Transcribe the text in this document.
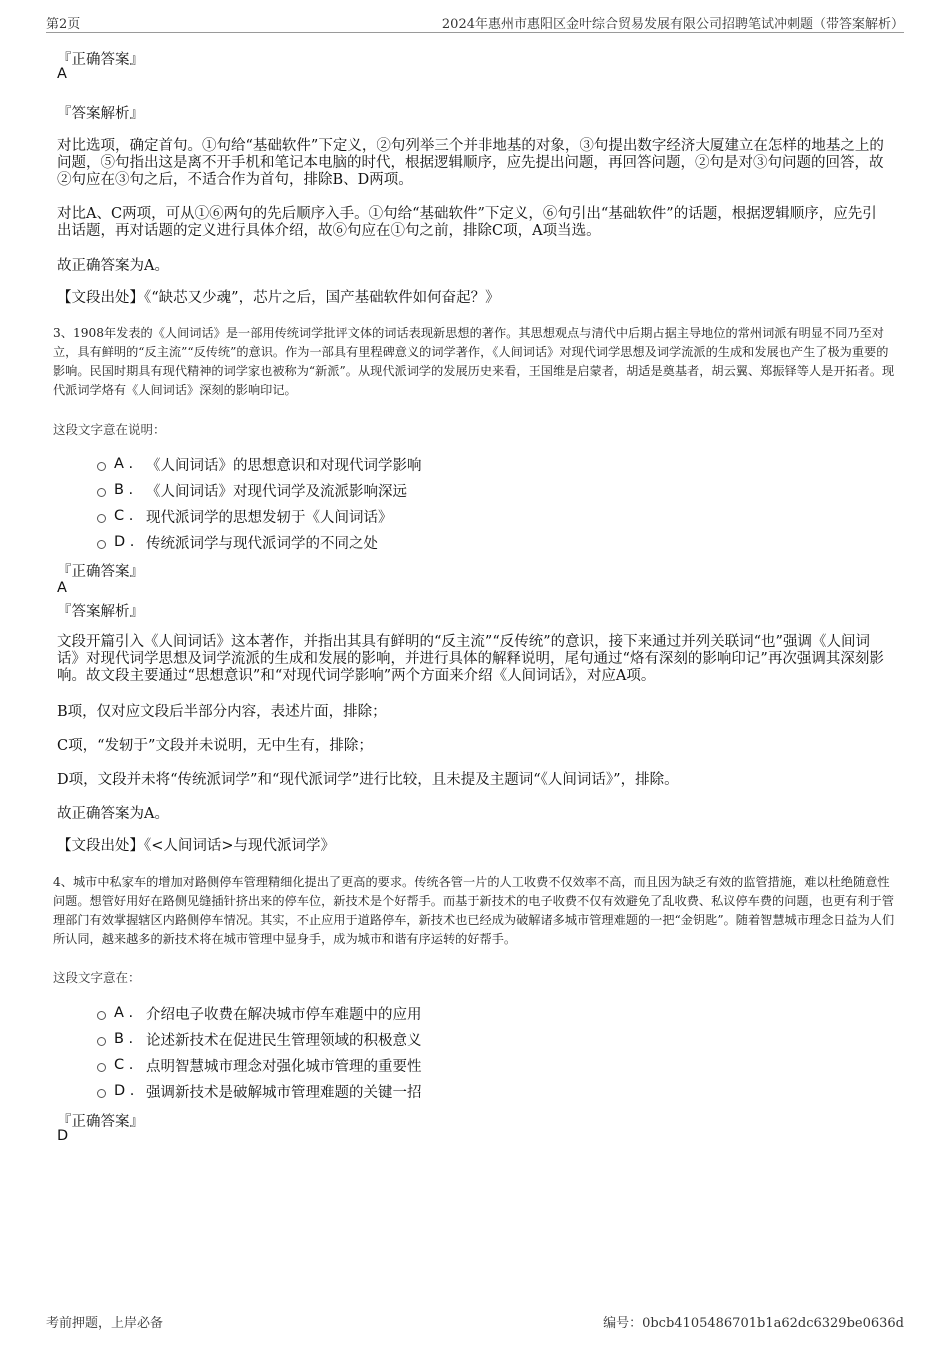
第2页	2024年惠州市惠阳区金叶综合贸易发展有限公司招聘笔试冲刺题（带答案解析）
『正确答案』
A
『答案解析』

对比选项，确定首句。①句给“基础软件”下定义，②句列举三个并非地基的对象，③句提出数字经济大厦建立在怎样的地基之上的问题，⑤句指出这是离不开手机和笔记本电脑的时代，根据逻辑顺序，应先提出问题，再回答问题，②句是对③句问题的回答，故②句应在③句之后，不适合作为首句，排除B、D两项。

对比A、C两项，可从①⑥两句的先后顺序入手。①句给“基础软件”下定义，⑥句引出“基础软件”的话题，根据逻辑顺序，应先引出话题，再对话题的定义进行具体介绍，故⑥句应在①句之前，排除C项，A项当选。

故正确答案为A。

【文段出处】《“缺芯又少魂”，芯片之后，国产基础软件如何奋起？》

3、1908年发表的《人间词话》是一部用传统词学批评文体的词话表现新思想的著作。其思想观点与清代中后期占据主导地位的常州词派有明显不同乃至对立，具有鲜明的“反主流”“反传统”的意识。作为一部具有里程碑意义的词学著作，《人间词话》对现代词学思想及词学流派的生成和发展也产生了极为重要的影响。民国时期具有现代精神的词学家也被称为“新派”。从现代派词学的发展历史来看，王国维是启蒙者，胡适是奠基者，胡云翼、郑振铎等人是开拓者。现代派词学烙有《人间词话》深刻的影响印记。

这段文字意在说明：
A . 《人间词话》的思想意识和对现代词学影响
B . 《人间词话》对现代词学及流派影响深远
C . 现代派词学的思想发轫于《人间词话》
D . 传统派词学与现代派词学的不同之处
『正确答案』
A
『答案解析』

文段开篇引入《人间词话》这本著作，并指出其具有鲜明的“反主流”“反传统”的意识，接下来通过并列关联词“也”强调《人间词话》对现代词学思想及词学流派的生成和发展的影响，并进行具体的解释说明，尾句通过“烙有深刻的影响印记”再次强调其深刻影响。故文段主要通过“思想意识”和“对现代词学影响”两个方面来介绍《人间词话》，对应A项。

B项，仅对应文段后半部分内容，表述片面，排除；

C项，“发轫于”文段并未说明，无中生有，排除；

D项，文段并未将“传统派词学”和“现代派词学”进行比较，且未提及主题词“《人间词话》”，排除。

故正确答案为A。

【文段出处】《<人间词话>与现代派词学》

4、城市中私家车的增加对路侧停车管理精细化提出了更高的要求。传统各管一片的人工收费不仅效率不高，而且因为缺乏有效的监管措施，难以杜绝随意性问题。想管好用好在路侧见缝插针挤出来的停车位，新技术是个好帮手。而基于新技术的电子收费不仅有效避免了乱收费、私议停车费的问题，也更有利于管理部门有效掌握辖区内路侧停车情况。其实，不止应用于道路停车，新技术也已经成为破解诸多城市管理难题的一把“金钥匙”。随着智慧城市理念日益为人们所认同，越来越多的新技术将在城市管理中显身手，成为城市和谐有序运转的好帮手。

这段文字意在：
A . 介绍电子收费在解决城市停车难题中的应用
B . 论述新技术在促进民生管理领域的积极意义
C . 点明智慧城市理念对强化城市管理的重要性
D . 强调新技术是破解城市管理难题的关键一招
『正确答案』
D
考前押题，上岸必备	编号：0bcb4105486701b1a62dc6329be0636d
